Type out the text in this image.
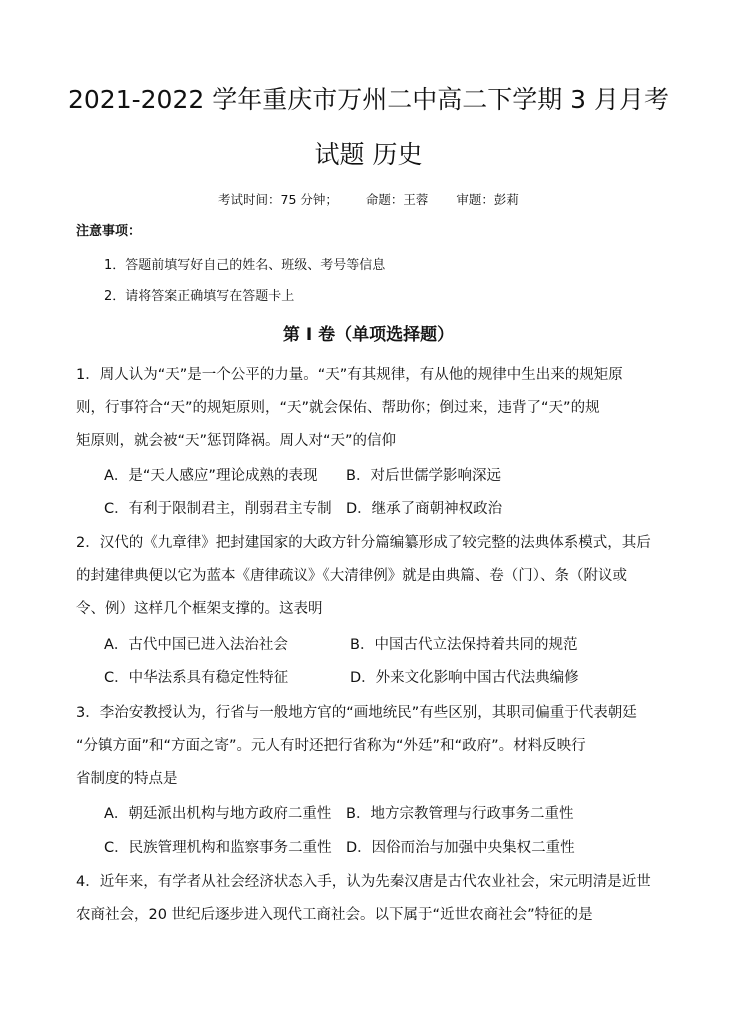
2021-2022 学年重庆市万州二中高二下学期 3 月月考
试题 历史
考试时间：75 分钟； 命题：王蓉 审题：彭莉
注意事项：
1．答题前填写好自己的姓名、班级、考号等信息
2．请将答案正确填写在答题卡上
第 I 卷（单项选择题）
1．周人认为“天”是一个公平的力量。“天”有其规律，有从他的规律中生出来的规矩原
则，行事符合“天”的规矩原则，“天”就会保佑、帮助你；倒过来，违背了“天”的规
矩原则，就会被“天”惩罚降祸。周人对“天”的信仰
A．是“天人感应”理论成熟的表现 B．对后世儒学影响深远
C．有利于限制君主，削弱君主专制 D．继承了商朝神权政治
2．汉代的《九章律》把封建国家的大政方针分篇编纂形成了较完整的法典体系模式，其后
的封建律典便以它为蓝本《唐律疏议》《大清律例》就是由典篇、卷（门）、条（附议或
令、例）这样几个框架支撑的。这表明
A．古代中国已进入法治社会	B．中国古代立法保持着共同的规范
C．中华法系具有稳定性特征	D．外来文化影响中国古代法典编修
3．李治安教授认为，行省与一般地方官的“画地统民”有些区别，其职司偏重于代表朝廷
“分镇方面”和“方面之寄”。元人有时还把行省称为“外廷”和“政府”。材料反映行
省制度的特点是
A．朝廷派出机构与地方政府二重性 B．地方宗教管理与行政事务二重性
C．民族管理机构和监察事务二重性 D．因俗而治与加强中央集权二重性
4．近年来，有学者从社会经济状态入手，认为先秦汉唐是古代农业社会，宋元明清是近世
农商社会，20 世纪后逐步进入现代工商社会。以下属于“近世农商社会”特征的是
